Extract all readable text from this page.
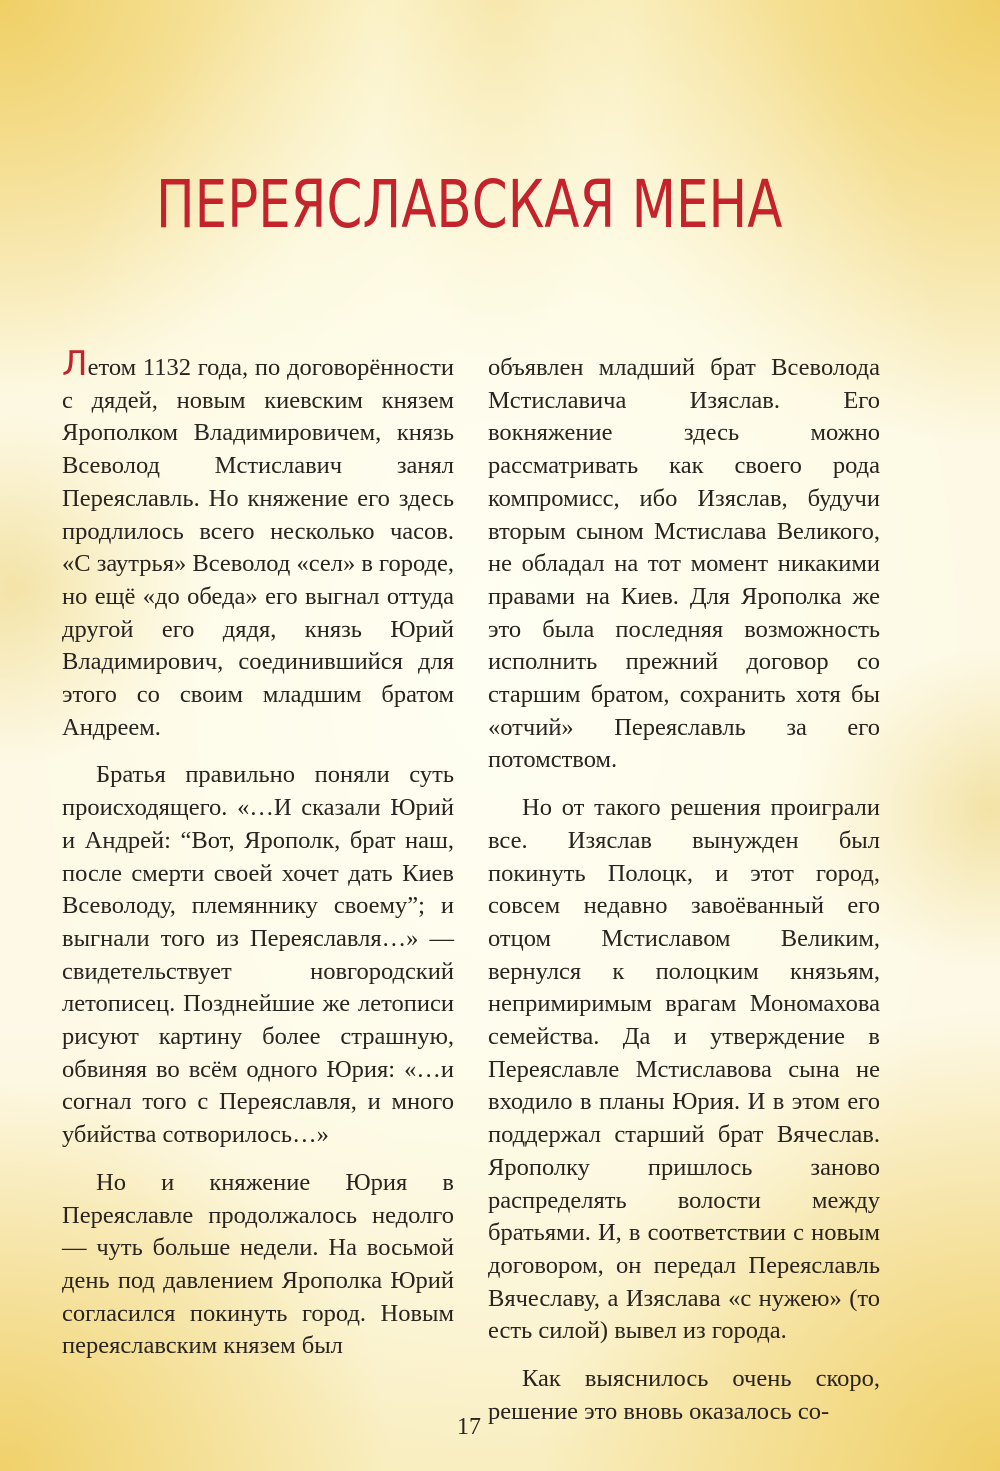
ПЕРЕЯСЛАВСКАЯ МЕНА

Летом 1132 года, по договорённости с дядей, новым киевским князем Ярополком Владимировичем, князь Всеволод Мстиславич занял Переяславль. Но княжение его здесь продлилось всего несколько часов. «С заутрья» Всеволод «сел» в городе, но ещё «до обеда» его выгнал оттуда другой его дядя, князь Юрий Владимирович, соединившийся для этого со своим младшим братом Андреем.

Братья правильно поняли суть происходящего. «…И сказали Юрий и Андрей: “Вот, Ярополк, брат наш, после смерти своей хочет дать Киев Всеволоду, племяннику своему”; и выгнали того из Переяславля…» — свидетельствует новгородский летописец. Позднейшие же летописи рисуют картину более страшную, обвиняя во всём одного Юрия: «…и согнал того с Переяславля, и много убийства сотворилось…»

Но и княжение Юрия в Переяславле продолжалось недолго — чуть больше недели. На восьмой день под давлением Ярополка Юрий согласился покинуть город. Новым переяславским князем был

объявлен младший брат Всеволода Мстиславича Изяслав. Его вокняжение здесь можно рассматривать как своего рода компромисс, ибо Изяслав, будучи вторым сыном Мстислава Великого, не обладал на тот момент никакими правами на Киев. Для Ярополка же это была последняя возможность исполнить прежний договор со старшим братом, сохранить хотя бы «отчий» Переяславль за его потомством.

Но от такого решения проиграли все. Изяслав вынужден был покинуть Полоцк, и этот город, совсем недавно завоёванный его отцом Мстиславом Великим, вернулся к полоцким князьям, непримиримым врагам Мономахова семейства. Да и утверждение в Переяславле Мстиславова сына не входило в планы Юрия. И в этом его поддержал старший брат Вячеслав. Ярополку пришлось заново распределять волости между братьями. И, в соответствии с новым договором, он передал Переяславль Вячеславу, а Изяслава «с нужею» (то есть силой) вывел из города.

Как выяснилось очень скоро, решение это вновь оказалось со-

17
